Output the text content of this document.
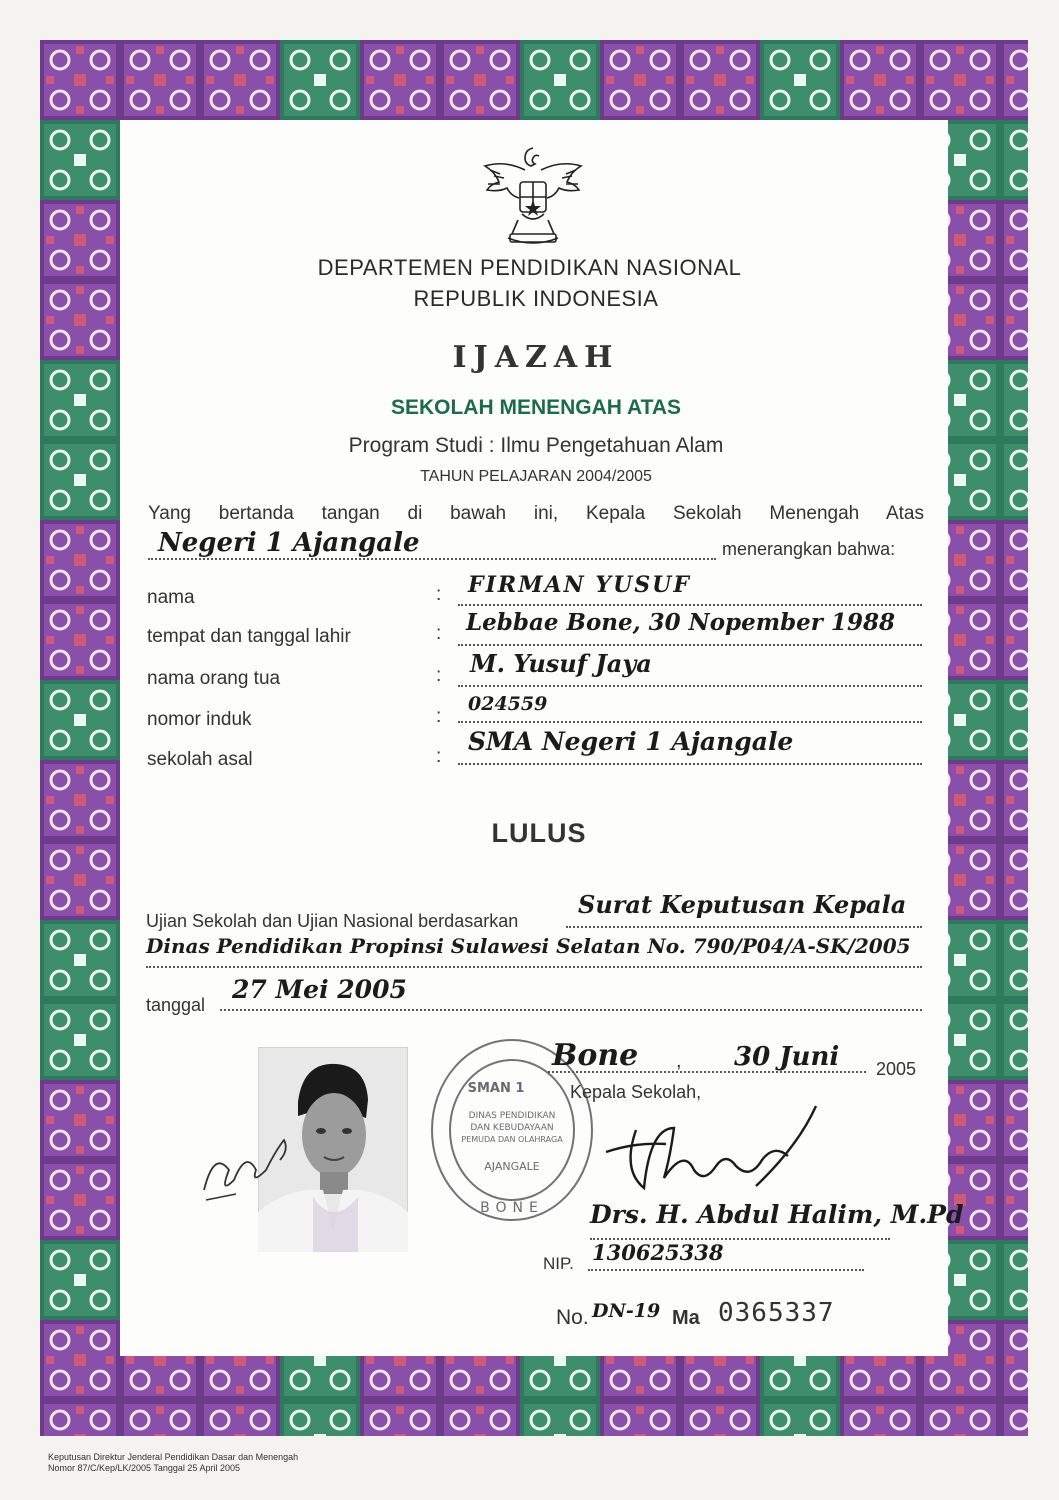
DEPARTEMEN PENDIDIKAN NASIONAL
REPUBLIK INDONESIA
IJAZAH
SEKOLAH MENENGAH ATAS
Program Studi : Ilmu Pengetahuan Alam
TAHUN PELAJARAN 2004/2005
Yang bertanda tangan di bawah ini, Kepala Sekolah Menengah Atas
Negeri 1 Ajangale	menerangkan bahwa:
nama	: FIRMAN YUSUF
tempat dan tanggal lahir	: Lebbae Bone, 30 Nopember 1988
nama orang tua	: M. Yusuf Jaya
nomor induk	:
024559
sekolah asal	:
SMA Negeri 1 Ajangale
LULUS
Ujian Sekolah dan Ujian Nasional berdasarkan
Surat Keputusan Kepala
Dinas Pendidikan Propinsi Sulawesi Selatan No. 790/P04/A-SK/2005
tanggal
27 Mei 2005
SMAN 1
DINAS PENDIDIKAN
DAN KEBUDAYAAN
PEMUDA DAN OLAHRAGA
AJANGALE
BONE
Bone , 30 Juni 2005
Kepala Sekolah,
Drs. H. Abdul Halim, M.Pd
NIP. 130625338
No. DN-19 Ma 0365337
Keputusan Direktur Jenderal Pendidikan Dasar dan Menengah
Nomor 87/C/Kep/LK/2005 Tanggal 25 April 2005
